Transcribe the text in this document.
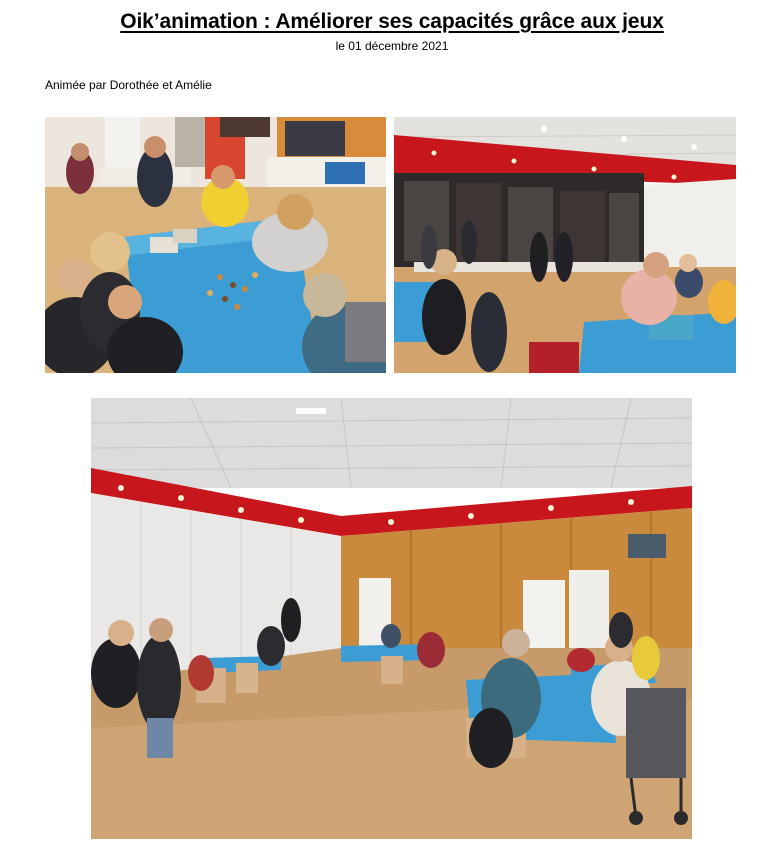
Oik’animation : Améliorer ses capacités grâce aux jeux
le 01 décembre 2021
Animée par Dorothée et Amélie
